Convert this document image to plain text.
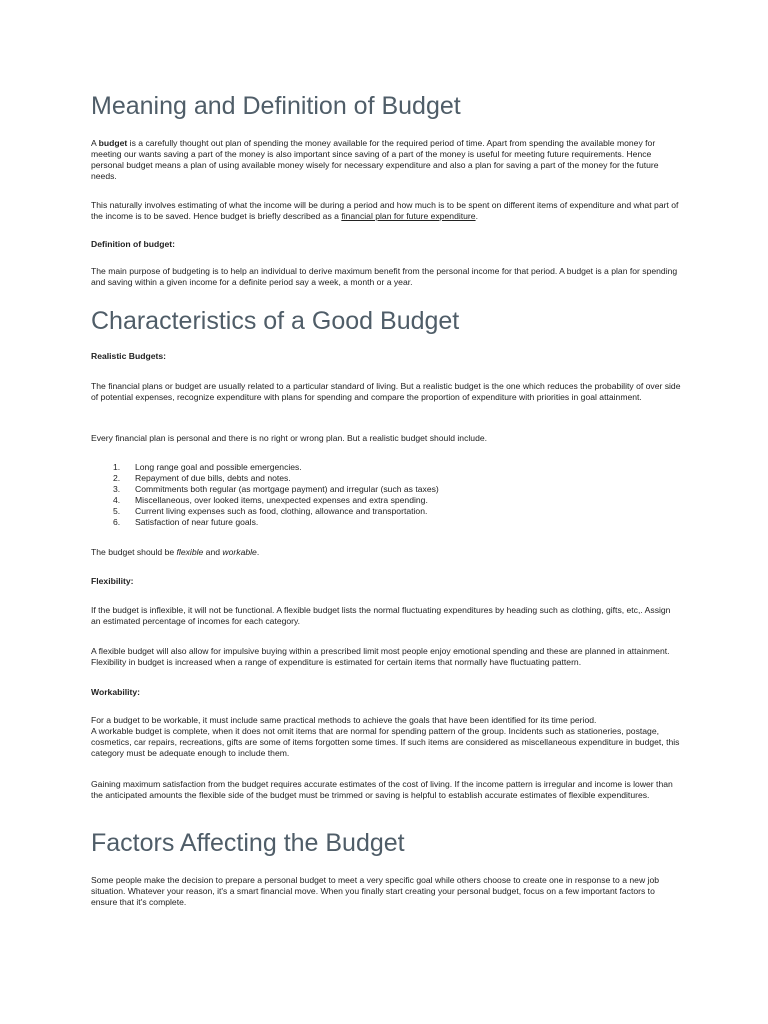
Meaning and Definition of Budget

A budget is a carefully thought out plan of spending the money available for the required period of time. Apart from spending the available money for meeting our wants saving a part of the money is also important since saving of a part of the money is useful for meeting future requirements. Hence personal budget means a plan of using available money wisely for necessary expenditure and also a plan for saving a part of the money for the future needs.

This naturally involves estimating of what the income will be during a period and how much is to be spent on different items of expenditure and what part of the income is to be saved. Hence budget is briefly described as a financial plan for future expenditure.

Definition of budget:

The main purpose of budgeting is to help an individual to derive maximum benefit from the personal income for that period. A budget is a plan for spending and saving within a given income for a definite period say a week, a month or a year.

Characteristics of a Good Budget

Realistic Budgets:

The financial plans or budget are usually related to a particular standard of living. But a realistic budget is the one which reduces the probability of over side of potential expenses, recognize expenditure with plans for spending and compare the proportion of expenditure with priorities in goal attainment.

Every financial plan is personal and there is no right or wrong plan. But a realistic budget should include.

1. Long range goal and possible emergencies.
2. Repayment of due bills, debts and notes.
3. Commitments both regular (as mortgage payment) and irregular (such as taxes)
4. Miscellaneous, over looked items, unexpected expenses and extra spending.
5. Current living expenses such as food, clothing, allowance and transportation.
6. Satisfaction of near future goals.

The budget should be flexible and workable.

Flexibility:

If the budget is inflexible, it will not be functional. A flexible budget lists the normal fluctuating expenditures by heading such as clothing, gifts, etc,. Assign an estimated percentage of incomes for each category.

A flexible budget will also allow for impulsive buying within a prescribed limit most people enjoy emotional spending and these are planned in attainment. Flexibility in budget is increased when a range of expenditure is estimated for certain items that normally have fluctuating pattern.

Workability:

For a budget to be workable, it must include same practical methods to achieve the goals that have been identified for its time period.
A workable budget is complete, when it does not omit items that are normal for spending pattern of the group. Incidents such as stationeries, postage, cosmetics, car repairs, recreations, gifts are some of items forgotten some times. If such items are considered as miscellaneous expenditure in budget, this category must be adequate enough to include them.

Gaining maximum satisfaction from the budget requires accurate estimates of the cost of living. If the income pattern is irregular and income is lower than the anticipated amounts the flexible side of the budget must be trimmed or saving is helpful to establish accurate estimates of flexible expenditures.

Factors Affecting the Budget

Some people make the decision to prepare a personal budget to meet a very specific goal while others choose to create one in response to a new job situation. Whatever your reason, it's a smart financial move. When you finally start creating your personal budget, focus on a few important factors to ensure that it's complete.
